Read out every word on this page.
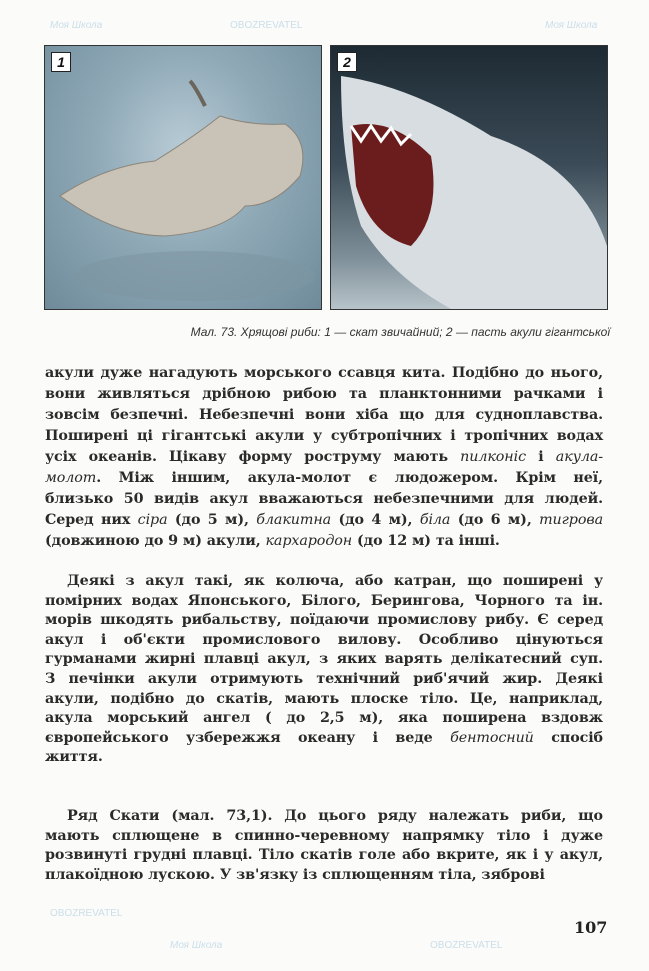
1	2
Мал. 73. Хрящові риби: 1 — скат звичайний; 2 — пасть акули гігантської
акули дуже нагадують морського ссавця кита. Подібно до нього,
вони живляться дрібною рибою та планктонними рачками і
зовсім безпечні. Небезпечні вони хіба що для судноплавства.
Поширені ці гігантські акули у субтропічних і тропічних водах
усіх океанів. Цікаву форму роструму мають пилконіс і акула-
молот. Між іншим, акула-молот є людожером. Крім неї,
близько 50 видів акул вважаються небезпечними для людей.
Серед них сіра (до 5 м), блакитна (до 4 м), біла (до 6 м), тигрова
(довжиною до 9 м) акули, кархародон (до 12 м) та інші.
Деякі з акул такі, як колюча, або катран, що поширені у
помірних водах Японського, Білого, Берингова, Чорного та ін.
морів шкодять рибальству, поїдаючи промислову рибу. Є серед
акул і об'єкти промислового вилову. Особливо цінуються
гурманами жирні плавці акул, з яких варять делікатесний суп.
З печінки акули отримують технічний риб'ячий жир. Деякі
акули, подібно до скатів, мають плоске тіло. Це, наприклад,
акула морський ангел ( до 2,5 м), яка поширена вздовж
європейського узбережжя океану і веде бентосний спосіб
життя.
Ряд Скати (мал. 73,1). До цього ряду належать риби, що
мають сплющене в спинно-черевному напрямку тіло і дуже
розвинуті грудні плавці. Тіло скатів голе або вкрите, як і у акул,
плакоїдною лускою. У зв'язку із сплющенням тіла, зяброві
107
Моя Школа	OBOZREVATEL	Моя Школа
OBOZREVATEL
Моя Школа	OBOZREVATEL
